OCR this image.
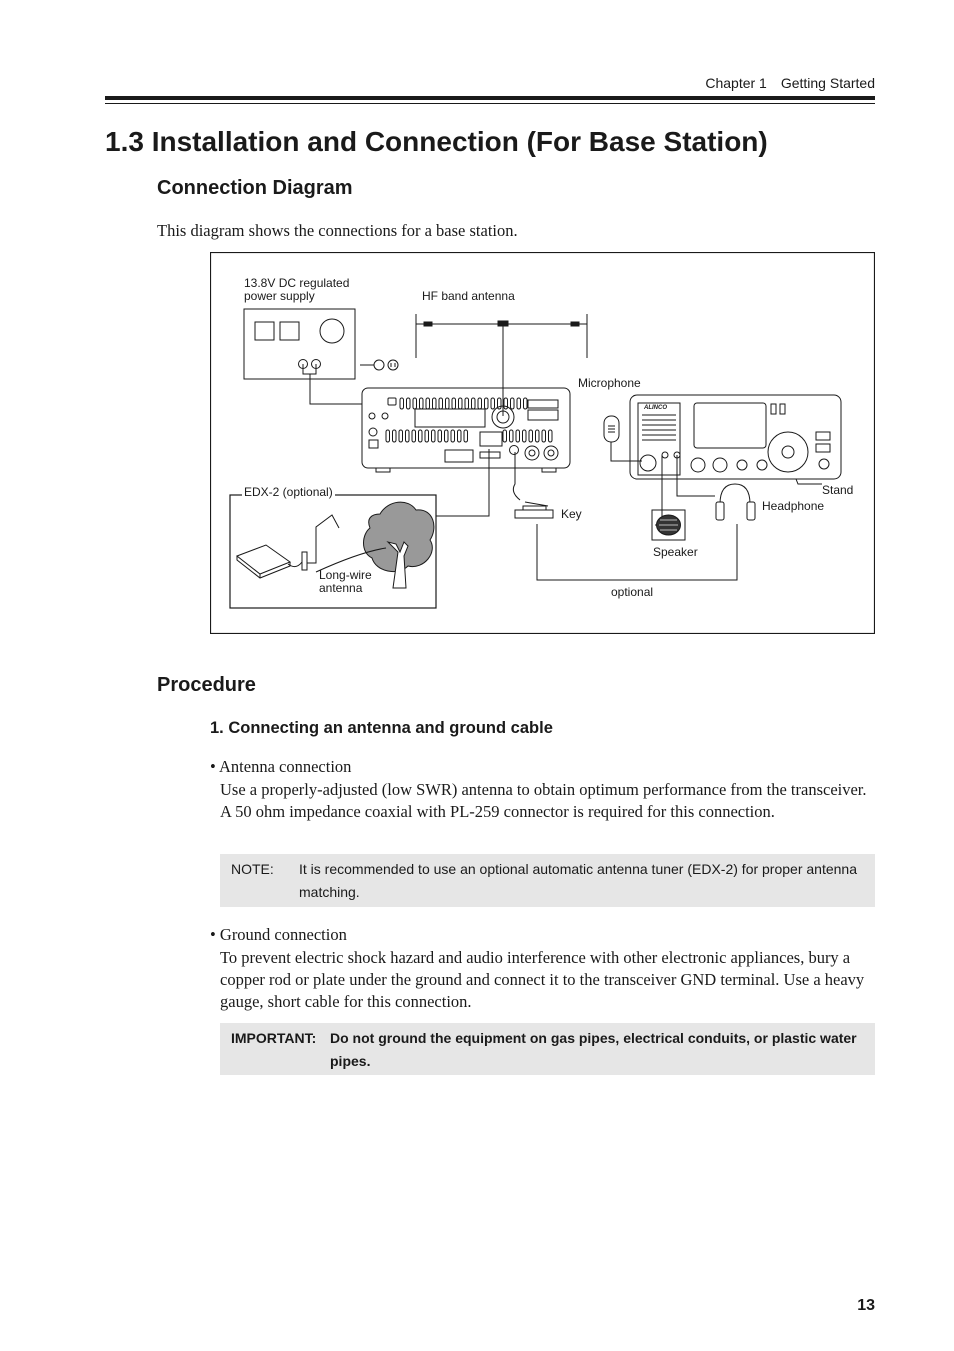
Chapter 1 Getting Started
1.3 Installation and Connection (For Base Station)
Connection Diagram
This diagram shows the connections for a base station.
ALINCO
13.8V DC regulated
power supply	HF band antenna
Microphone
EDX-2 (optional)
Key
Stand
Headphone
Speaker
Long-wire
antenna	optional
Procedure
1. Connecting an antenna and ground cable
• Antenna connection
Use a properly-adjusted (low SWR) antenna to obtain optimum performance from the transceiver. A 50 ohm impedance coaxial with PL-259 connector is required for this connection.
NOTE: It is recommended to use an optional automatic antenna tuner (EDX-2) for proper antenna matching.
• Ground connection
To prevent electric shock hazard and audio interference with other electronic appliances, bury a copper rod or plate under the ground and connect it to the transceiver GND terminal. Use a heavy gauge, short cable for this connection.
IMPORTANT: Do not ground the equipment on gas pipes, electrical conduits, or plastic water pipes.
13
